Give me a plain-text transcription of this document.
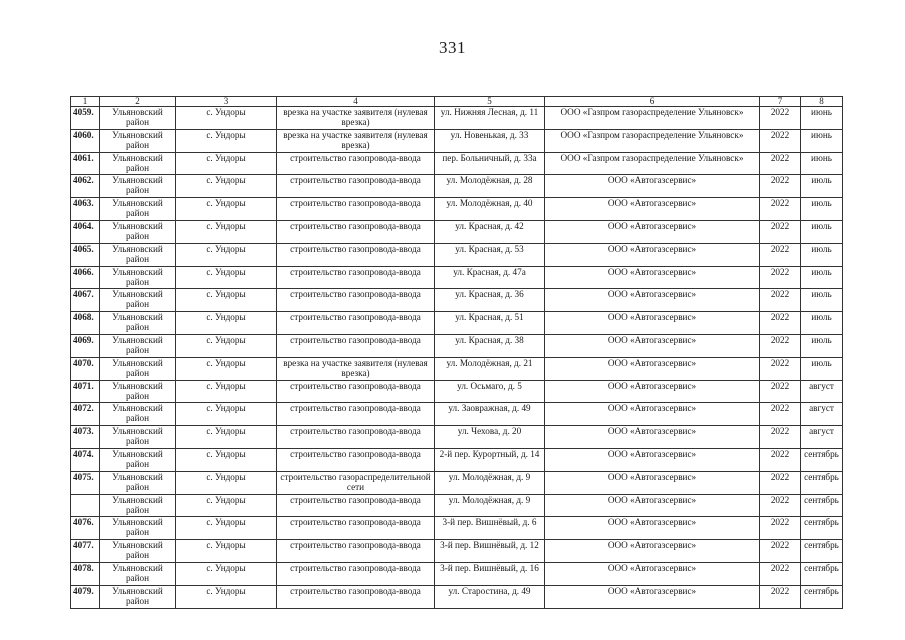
331
1	2	3	4	5	6	7	8
4059.	Ульяновский район	с. Ундоры	врезка на участке заявителя (нулевая врезка)	ул. Нижняя Лесная, д. 11	ООО «Газпром газораспределение Ульяновск»	2022	июнь
4060.	Ульяновский район	с. Ундоры	врезка на участке заявителя (нулевая врезка)	ул. Новенькая, д. 33	ООО «Газпром газораспределение Ульяновск»	2022	июнь
4061.	Ульяновский район	с. Ундоры	строительство газопровода-ввода	пер. Больничный, д. 33а	ООО «Газпром газораспределение Ульяновск»	2022	июнь
4062.	Ульяновский район	с. Ундоры	строительство газопровода-ввода	ул. Молодёжная, д. 28	ООО «Автогазсервис»	2022	июль
4063.	Ульяновский район	с. Ундоры	строительство газопровода-ввода	ул. Молодёжная, д. 40	ООО «Автогазсервис»	2022	июль
4064.	Ульяновский район	с. Ундоры	строительство газопровода-ввода	ул. Красная, д. 42	ООО «Автогазсервис»	2022	июль
4065.	Ульяновский район	с. Ундоры	строительство газопровода-ввода	ул. Красная, д. 53	ООО «Автогазсервис»	2022	июль
4066.	Ульяновский район	с. Ундоры	строительство газопровода-ввода	ул. Красная, д. 47а	ООО «Автогазсервис»	2022	июль
4067.	Ульяновский район	с. Ундоры	строительство газопровода-ввода	ул. Красная, д. 36	ООО «Автогазсервис»	2022	июль
4068.	Ульяновский район	с. Ундоры	строительство газопровода-ввода	ул. Красная, д. 51	ООО «Автогазсервис»	2022	июль
4069.	Ульяновский район	с. Ундоры	строительство газопровода-ввода	ул. Красная, д. 38	ООО «Автогазсервис»	2022	июль
4070.	Ульяновский район	с. Ундоры	врезка на участке заявителя (нулевая врезка)	ул. Молодёжная, д. 21	ООО «Автогазсервис»	2022	июль
4071.	Ульяновский район	с. Ундоры	строительство газопровода-ввода	ул. Осьмаго, д. 5	ООО «Автогазсервис»	2022	август
4072.	Ульяновский район	с. Ундоры	строительство газопровода-ввода	ул. Заовражная, д. 49	ООО «Автогазсервис»	2022	август
4073.	Ульяновский район	с. Ундоры	строительство газопровода-ввода	ул. Чехова, д. 20	ООО «Автогазсервис»	2022	август
4074.	Ульяновский район	с. Ундоры	строительство газопровода-ввода	2-й пер. Курортный, д. 14	ООО «Автогазсервис»	2022	сентябрь
4075.	Ульяновский район	с. Ундоры	строительство газораспределительной сети	ул. Молодёжная, д. 9	ООО «Автогазсервис»	2022	сентябрь
	Ульяновский район	с. Ундоры	строительство газопровода-ввода	ул. Молодёжная, д. 9	ООО «Автогазсервис»	2022	сентябрь
4076.	Ульяновский район	с. Ундоры	строительство газопровода-ввода	3-й пер. Вишнёвый, д. 6	ООО «Автогазсервис»	2022	сентябрь
4077.	Ульяновский район	с. Ундоры	строительство газопровода-ввода	3-й пер. Вишнёвый, д. 12	ООО «Автогазсервис»	2022	сентябрь
4078.	Ульяновский район	с. Ундоры	строительство газопровода-ввода	3-й пер. Вишнёвый, д. 16	ООО «Автогазсервис»	2022	сентябрь
4079.	Ульяновский район	с. Ундоры	строительство газопровода-ввода	ул. Старостина, д. 49	ООО «Автогазсервис»	2022	сентябрь
